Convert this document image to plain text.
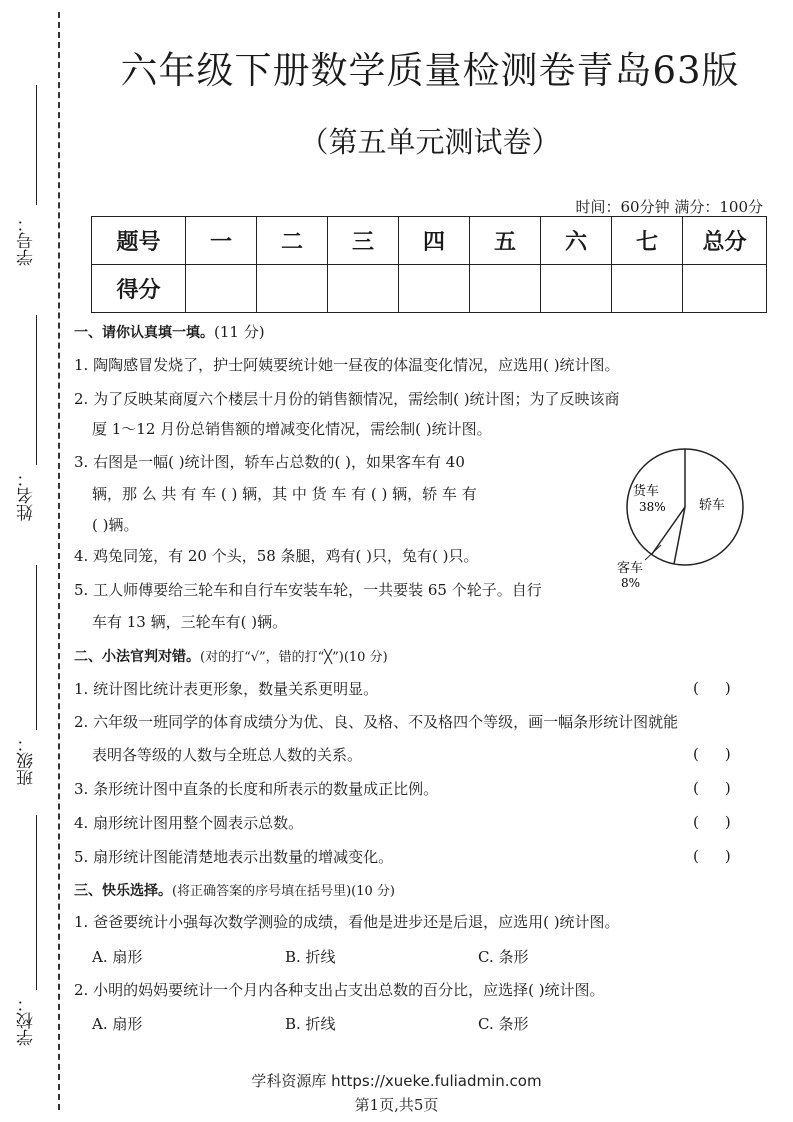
学号：
姓名：
班级：
学校：
六年级下册数学质量检测卷青岛63版
（第五单元测试卷）
时间：60分钟 满分：100分
题号	一	二	三	四	五	六	七	总分
得分								
一、请你认真填一填。(11 分)
1. 陶陶感冒发烧了，护士阿姨要统计她一昼夜的体温变化情况，应选用( )统计图。
2. 为了反映某商厦六个楼层十月份的销售额情况，需绘制( )统计图；为了反映该商
厦 1～12 月份总销售额的增减变化情况，需绘制( )统计图。
3. 右图是一幅( )统计图，轿车占总数的( )，如果客车有 40
辆，那 么 共 有 车 ( ) 辆，其 中 货 车 有 ( ) 辆，轿 车 有
( )辆。
4. 鸡兔同笼，有 20 个头，58 条腿，鸡有( )只，兔有( )只。
5. 工人师傅要给三轮车和自行车安装车轮，一共要装 65 个轮子。自行
车有 13 辆，三轮车有( )辆。
货车
38%	轿车
客车
8%
二、小法官判对错。(对的打“√”，错的打“╳”)(10 分)
1. 统计图比统计表更形象，数量关系更明显。	()
2. 六年级一班同学的体育成绩分为优、良、及格、不及格四个等级，画一幅条形统计图就能
表明各等级的人数与全班总人数的关系。	()
3. 条形统计图中直条的长度和所表示的数量成正比例。	()
4. 扇形统计图用整个圆表示总数。	()
5. 扇形统计图能清楚地表示出数量的增减变化。	()
三、快乐选择。(将正确答案的序号填在括号里)(10 分)
1. 爸爸要统计小强每次数学测验的成绩，看他是进步还是后退，应选用( )统计图。
A. 扇形	B. 折线	C. 条形
2. 小明的妈妈要统计一个月内各种支出占支出总数的百分比，应选择( )统计图。
A. 扇形	B. 折线	C. 条形
学科资源库 https://xueke.fuliadmin.com
第1页,共5页
